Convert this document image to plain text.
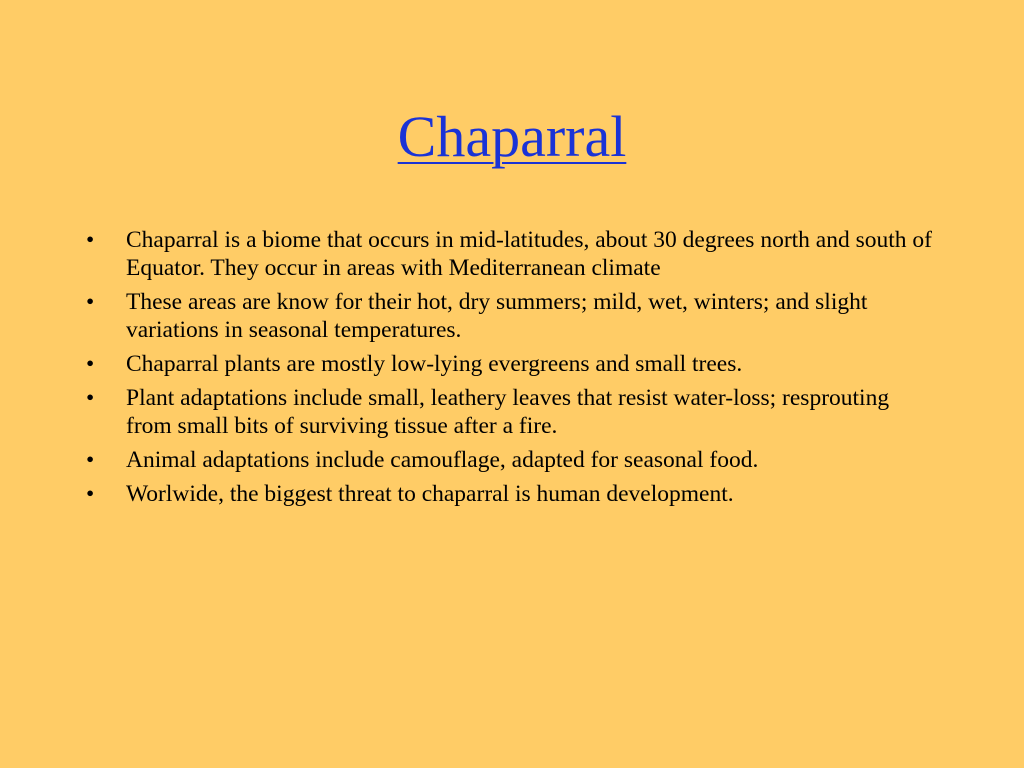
Chaparral
•	Chaparral is a biome that occurs in mid-latitudes, about 30 degrees north and south of Equator. They occur in areas with Mediterranean climate
•	These areas are know for their hot, dry summers; mild, wet, winters; and slight variations in seasonal temperatures.
•	Chaparral plants are mostly low-lying evergreens and small trees.
•	Plant adaptations include small, leathery leaves that resist water-loss; resprouting from small bits of surviving tissue after a fire.
•	Animal adaptations include camouflage, adapted for seasonal food.
•	Worlwide, the biggest threat to chaparral is human development.
